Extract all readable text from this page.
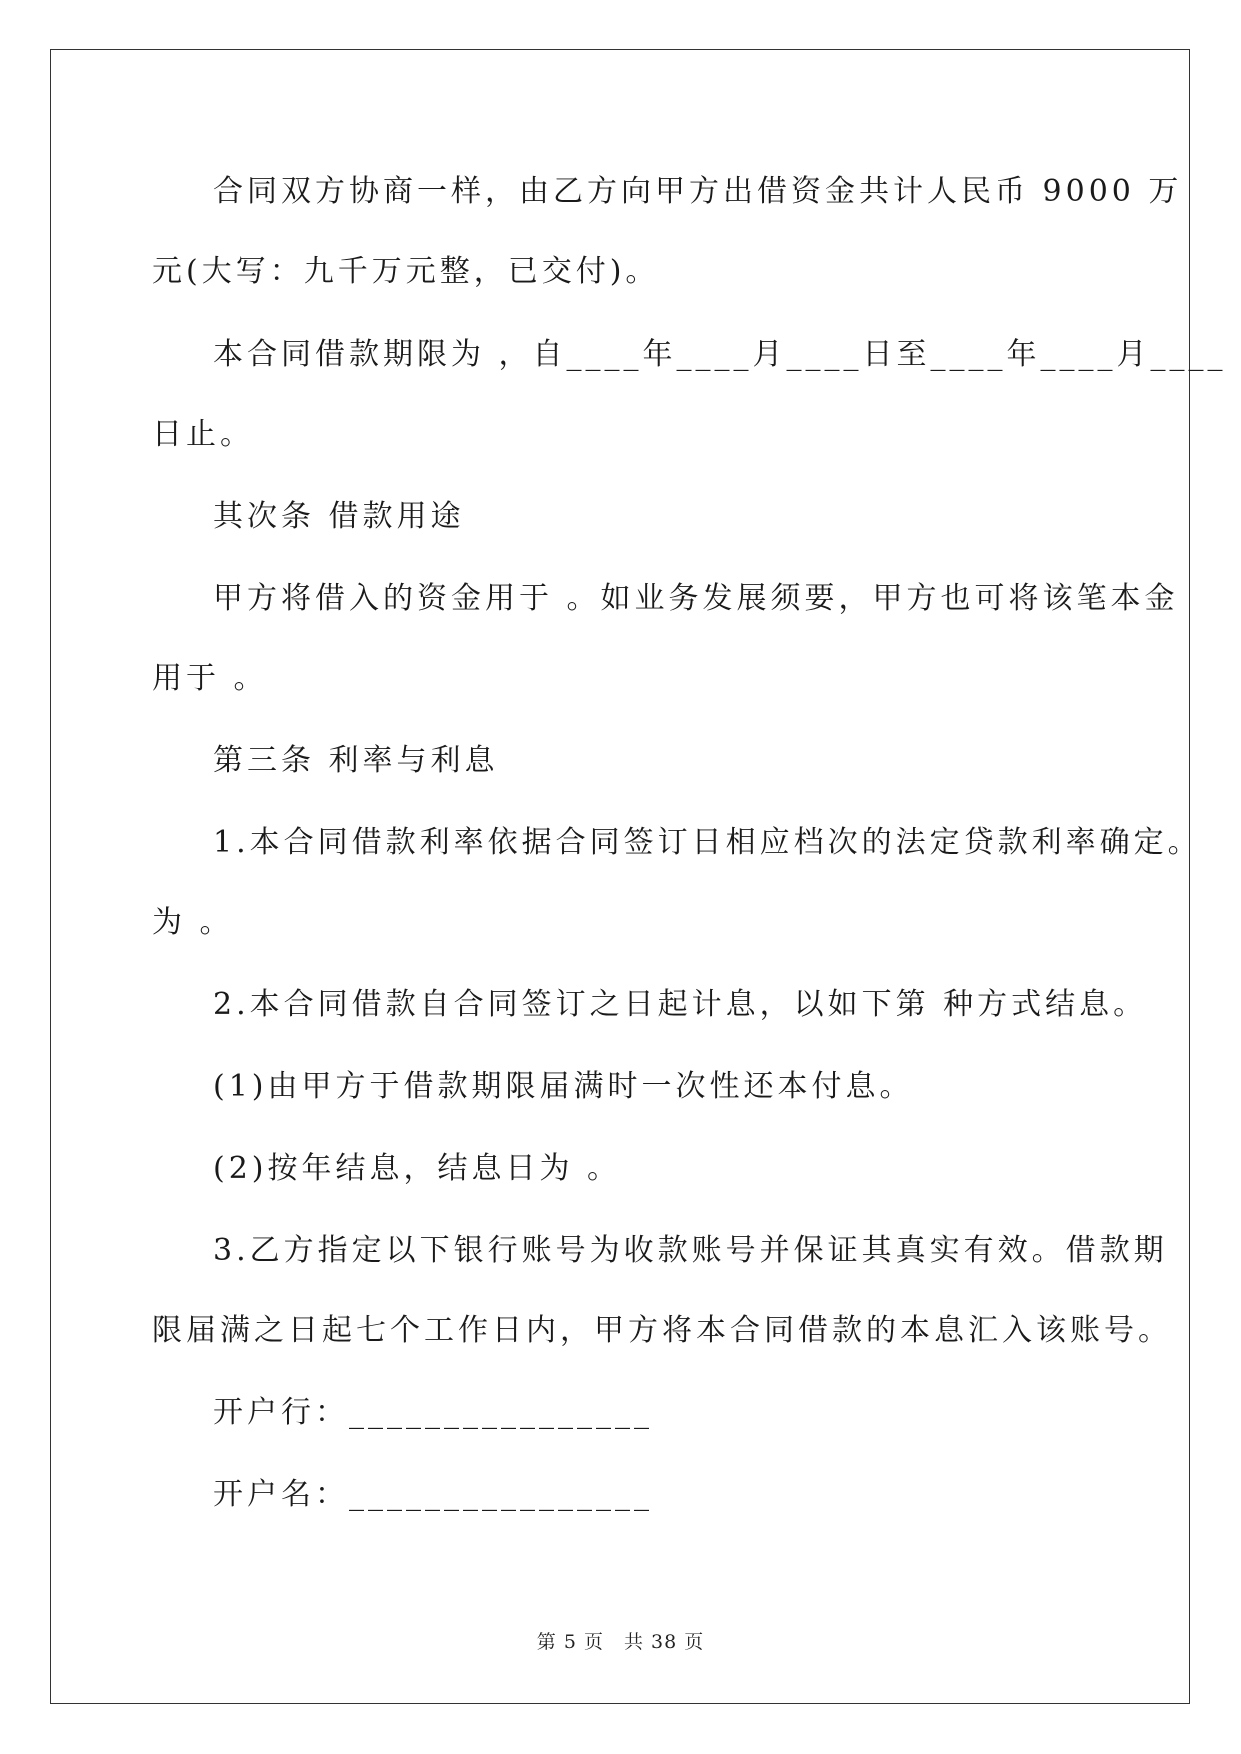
合同双方协商一样，由乙方向甲方出借资金共计人民币 9000 万

元(大写：九千万元整，已交付)。

本合同借款期限为 ，自____年____月____日至____年____月____

日止。

其次条 借款用途

甲方将借入的资金用于 。如业务发展须要，甲方也可将该笔本金

用于 。

第三条 利率与利息

1.本合同借款利率依据合同签订日相应档次的法定贷款利率确定。

为 。

2.本合同借款自合同签订之日起计息，以如下第 种方式结息。

(1)由甲方于借款期限届满时一次性还本付息。

(2)按年结息，结息日为 。

3.乙方指定以下银行账号为收款账号并保证其真实有效。借款期

限届满之日起七个工作日内，甲方将本合同借款的本息汇入该账号。

开户行：________________

开户名：________________

第 5 页　共 38 页
